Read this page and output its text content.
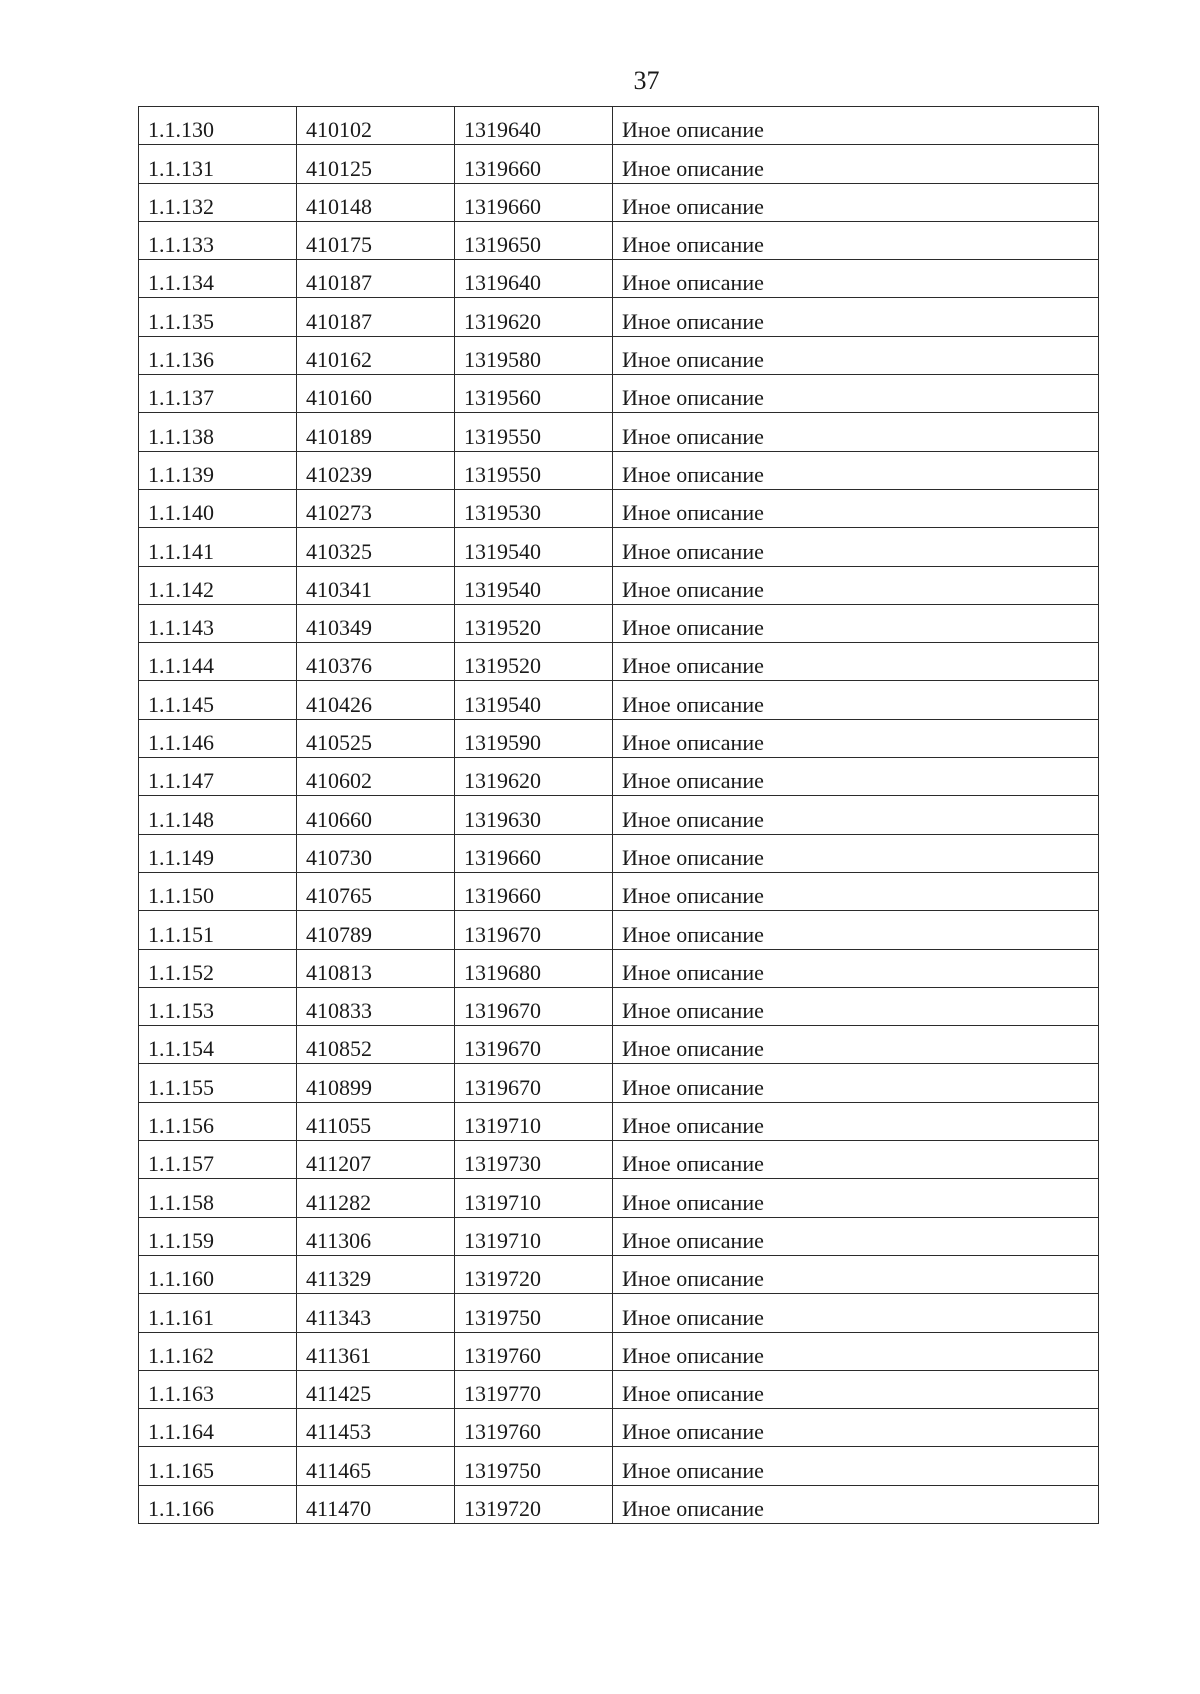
37
1.1.130	410102	1319640	Иное описание
1.1.131	410125	1319660	Иное описание
1.1.132	410148	1319660	Иное описание
1.1.133	410175	1319650	Иное описание
1.1.134	410187	1319640	Иное описание
1.1.135	410187	1319620	Иное описание
1.1.136	410162	1319580	Иное описание
1.1.137	410160	1319560	Иное описание
1.1.138	410189	1319550	Иное описание
1.1.139	410239	1319550	Иное описание
1.1.140	410273	1319530	Иное описание
1.1.141	410325	1319540	Иное описание
1.1.142	410341	1319540	Иное описание
1.1.143	410349	1319520	Иное описание
1.1.144	410376	1319520	Иное описание
1.1.145	410426	1319540	Иное описание
1.1.146	410525	1319590	Иное описание
1.1.147	410602	1319620	Иное описание
1.1.148	410660	1319630	Иное описание
1.1.149	410730	1319660	Иное описание
1.1.150	410765	1319660	Иное описание
1.1.151	410789	1319670	Иное описание
1.1.152	410813	1319680	Иное описание
1.1.153	410833	1319670	Иное описание
1.1.154	410852	1319670	Иное описание
1.1.155	410899	1319670	Иное описание
1.1.156	411055	1319710	Иное описание
1.1.157	411207	1319730	Иное описание
1.1.158	411282	1319710	Иное описание
1.1.159	411306	1319710	Иное описание
1.1.160	411329	1319720	Иное описание
1.1.161	411343	1319750	Иное описание
1.1.162	411361	1319760	Иное описание
1.1.163	411425	1319770	Иное описание
1.1.164	411453	1319760	Иное описание
1.1.165	411465	1319750	Иное описание
1.1.166	411470	1319720	Иное описание
